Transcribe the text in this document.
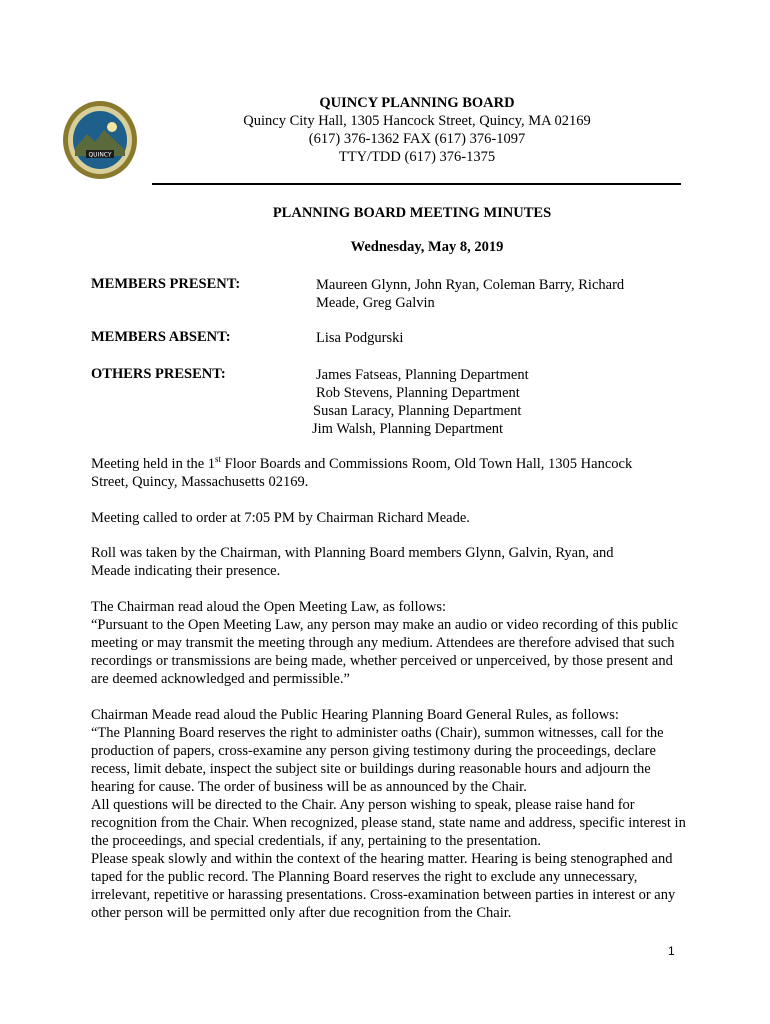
QUINCY
QUINCY PLANNING BOARD
Quincy City Hall, 1305 Hancock Street, Quincy, MA 02169
(617) 376-1362 FAX (617) 376-1097
TTY/TDD (617) 376-1375
PLANNING BOARD MEETING MINUTES
Wednesday, May 8, 2019
MEMBERS PRESENT:	Maureen Glynn, John Ryan, Coleman Barry, Richard Meade, Greg Galvin
MEMBERS ABSENT:	Lisa Podgurski
OTHERS PRESENT:	James Fatseas, Planning Department
Rob Stevens, Planning Department
Susan Laracy, Planning Department
Jim Walsh, Planning Department
Meeting held in the 1st Floor Boards and Commissions Room, Old Town Hall, 1305 Hancock Street, Quincy, Massachusetts 02169.
Meeting called to order at 7:05 PM by Chairman Richard Meade.
Roll was taken by the Chairman, with Planning Board members Glynn, Galvin, Ryan, and Meade indicating their presence.

The Chairman read aloud the Open Meeting Law, as follows:

“Pursuant to the Open Meeting Law, any person may make an audio or video recording of this public meeting or may transmit the meeting through any medium. Attendees are therefore advised that such recordings or transmissions are being made, whether perceived or unperceived, by those present and are deemed acknowledged and permissible.”

Chairman Meade read aloud the Public Hearing Planning Board General Rules, as follows:

“The Planning Board reserves the right to administer oaths (Chair), summon witnesses, call for the production of papers, cross-examine any person giving testimony during the proceedings, declare recess, limit debate, inspect the subject site or buildings during reasonable hours and adjourn the hearing for cause. The order of business will be as announced by the Chair.

All questions will be directed to the Chair. Any person wishing to speak, please raise hand for recognition from the Chair. When recognized, please stand, state name and address, specific interest in the proceedings, and special credentials, if any, pertaining to the presentation.

Please speak slowly and within the context of the hearing matter. Hearing is being stenographed and taped for the public record. The Planning Board reserves the right to exclude any unnecessary, irrelevant, repetitive or harassing presentations. Cross-examination between parties in interest or any other person will be permitted only after due recognition from the Chair.

1
